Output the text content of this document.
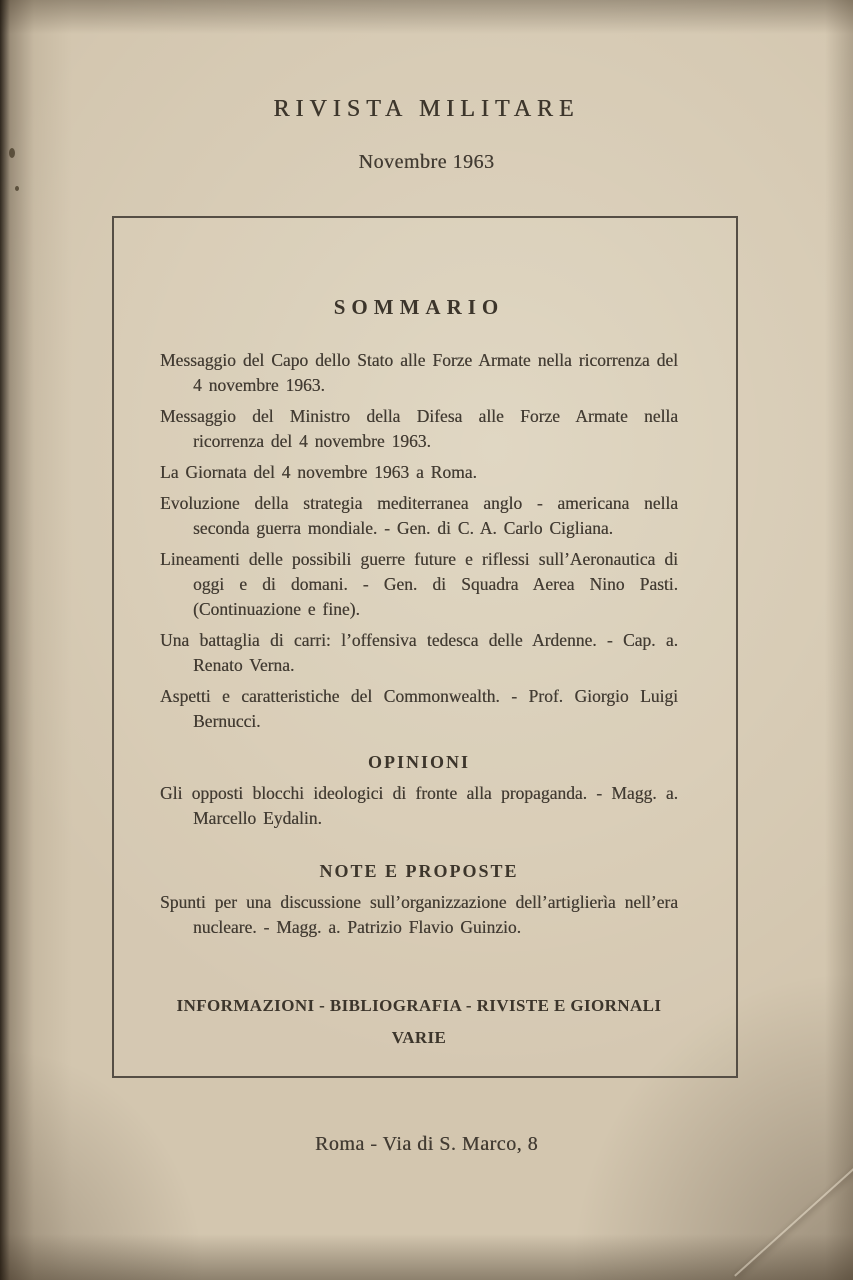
RIVISTA MILITARE
Novembre 1963
SOMMARIO

Messaggio del Capo dello Stato alle Forze Armate nella ricorrenza del 4 novembre 1963.

Messaggio del Ministro della Difesa alle Forze Armate nella ricorrenza del 4 novembre 1963.

La Giornata del 4 novembre 1963 a Roma.

Evoluzione della strategia mediterranea anglo - americana nella seconda guerra mondiale. - Gen. di C. A. Carlo Cigliana.

Lineamenti delle possibili guerre future e riflessi sull’Aeronautica di oggi e di domani. - Gen. di Squadra Aerea Nino Pasti. (Continuazione e fine).

Una battaglia di carri: l’offensiva tedesca delle Ardenne. - Cap. a. Renato Verna.

Aspetti e caratteristiche del Commonwealth. - Prof. Giorgio Luigi Bernucci.

OPINIONI

Gli opposti blocchi ideologici di fronte alla propaganda. - Magg. a. Marcello Eydalin.

NOTE E PROPOSTE

Spunti per una discussione sull’organizzazione dell’artiglierìa nell’era nucleare. - Magg. a. Patrizio Flavio Guinzio.

INFORMAZIONI - BIBLIOGRAFIA - RIVISTE E GIORNALI
VARIE
Roma - Via di S. Marco, 8
